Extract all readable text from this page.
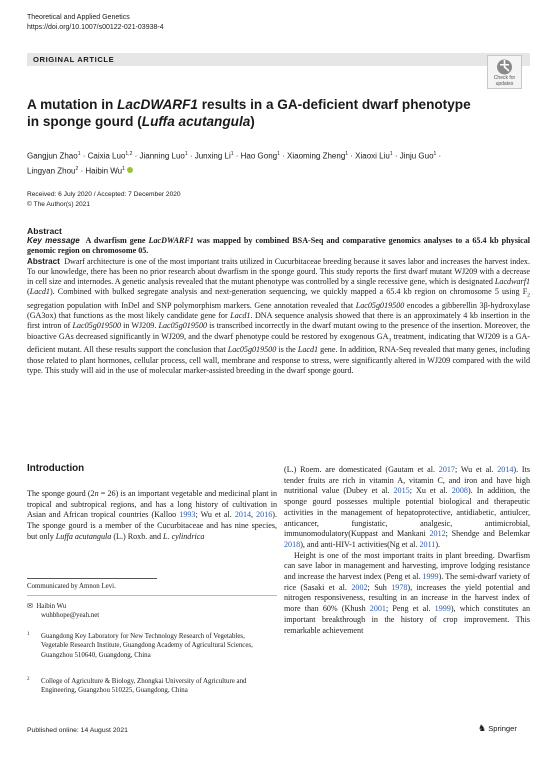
Theoretical and Applied Genetics
https://doi.org/10.1007/s00122-021-03938-4
ORIGINAL ARTICLE
Check for
updates
A mutation in LacDWARF1 results in a GA-deficient dwarf phenotype
in sponge gourd (Luffa acutangula)
Gangjun Zhao$^1$ · Caixia Luo$^{1,2}$ · Jianning Luo$^1$ · Junxing $Li^1$ · Hao Gong$^1$ · Xiaoming Zheng$^1$ · Xiaoxi Liu$^1$ · Jinju Guo$^1$ ·
Lingyan Zhou$^2$ · Haibin Wu$^1$
Received: 6 July 2020 / Accepted: 7 December 2020
© The Author(s) 2021
Abstract

Key message A dwarfism gene LacDWARF1 was mapped by combined BSA-Seq and comparative genomics analyses to a 65.4 kb physical genomic region on chromosome 05.

Abstract Dwarf architecture is one of the most important traits utilized in Cucurbitaceae breeding because it saves labor and increases the harvest index. To our knowledge, there has been no prior research about dwarfism in the sponge gourd. This study reports the first dwarf mutant WJ209 with a decrease in cell size and internodes. A genetic analysis revealed that the mutant phenotype was controlled by a single recessive gene, which is designated Lacdwarf1 (Lacd1). Combined with bulked segregate analysis and next-generation sequencing, we quickly mapped a 65.4 kb region on chromosome 5 using $F_2$ segregation population with InDel and SNP polymorphism markers. Gene annotation revealed that Lac05g019500 encodes a gibberellin 3β-hydroxylase (GA3ox) that functions as the most likely candidate gene for Lacd1. DNA sequence analysis showed that there is an approximately 4 kb insertion in the first intron of Lac05g019500 in WJ209. Lac05g019500 is transcribed incorrectly in the dwarf mutant owing to the presence of the insertion. Moreover, the bioactive GAs decreased significantly in WJ209, and the dwarf phenotype could be restored by exogenous $GA_3$ treatment, indicating that WJ209 is a GA-deficient mutant. All these results support the conclusion that Lac05g019500 is the Lacd1 gene. In addition, RNA-Seq revealed that many genes, including those related to plant hormones, cellular process, cell wall, membrane and response to stress, were significantly altered in WJ209 compared with the wild type. This study will aid in the use of molecular marker-assisted breeding in the dwarf sponge gourd.

Introduction

The sponge gourd (2n = 26) is an important vegetable and medicinal plant in tropical and subtropical regions, and has a long history of cultivation in Asian and African tropical countries (Kalloo 1993; Wu et al. 2014, 2016). The sponge gourd is a member of the Cucurbitaceae and has nine species, but only Luffa acutangula (L.) Roxb. and L. cylindrica

(L.) Roem. are domesticated (Gautam et al. 2017; Wu et al. 2014). Its tender fruits are rich in vitamin A, vitamin C, and iron and have high nutritional value (Dubey et al. 2015; Xu et al. 2008). In addition, the sponge gourd possesses multiple potential biological and therapeutic activities in the management of hepatoprotective, antidiabetic, antiulcer, anticancer, fungistatic, analgesic, antimicrobial, immunomodulatory(Kuppast and Mankani 2012; Shendge and Belemkar 2018), and anti-HIV-1 activities(Ng et al. 2011).

Height is one of the most important traits in plant breeding. Dwarfism can save labor in management and harvesting, improve lodging resistance and increase the harvest index (Peng et al. 1999). The semi-dwarf variety of rice (Sasaki et al. 2002; Suh 1978), increases the yield potential and nitrogen responsiveness, resulting in an increase in the harvest index of more than 60% (Khush 2001; Peng et al. 1999), which constitutes an important breakthrough in the history of crop improvement. This remarkable achievement

Communicated by Amnon Levi.
✉ Haibin Wu
wuhbhope@yeah.net
1	Guangdong Key Laboratory for New Technology Research of Vegetables, Vegetable Research Institute, Guangdong Academy of Agricultural Sciences, Guangzhou 510640, Guangdong, China
2	College of Agriculture & Biology, Zhongkai University of Agriculture and Engineering, Guangzhou 510225, Guangdong, China
Published online: 14 August 2021	♞ Springer
